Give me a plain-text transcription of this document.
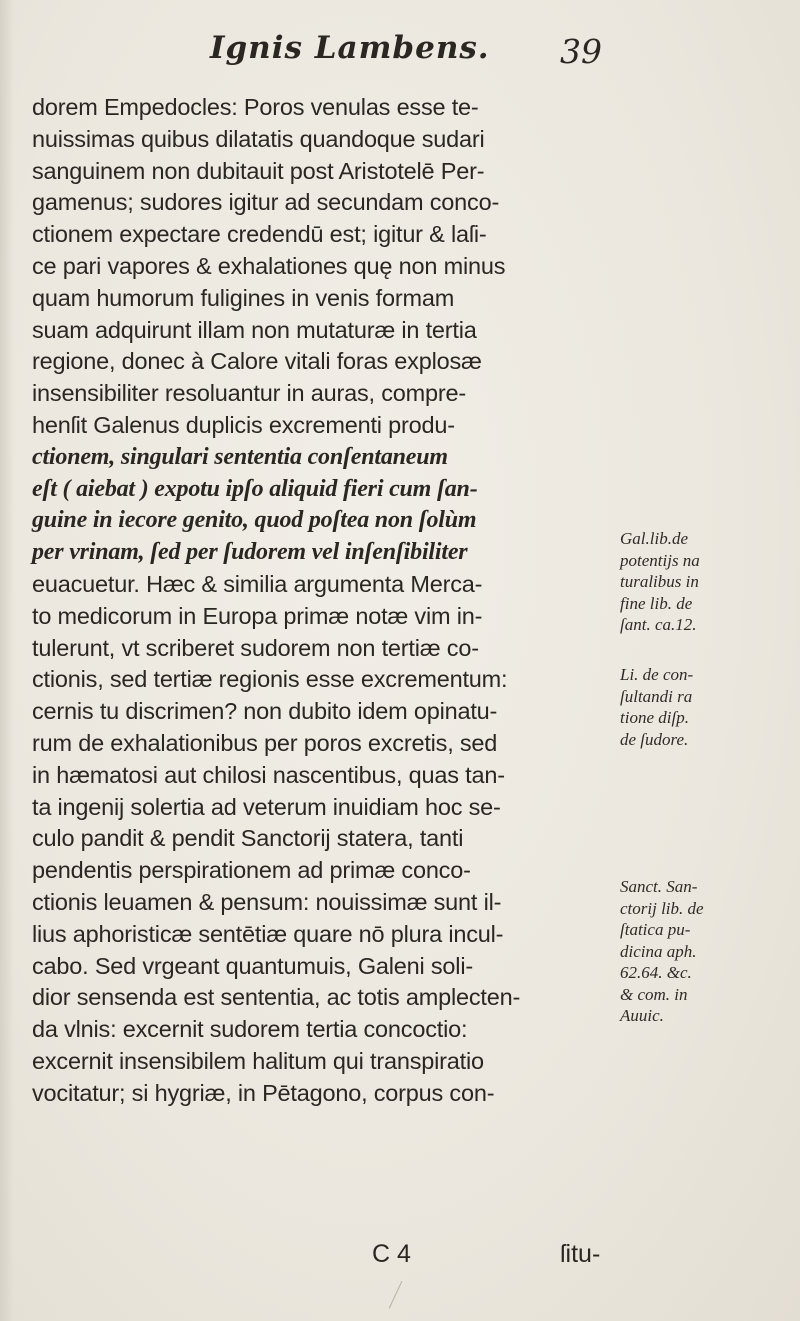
Ignis Lambens. 39
dorem Empedocles: Poros venulas esse te-
nuissimas quibus dilatatis quandoque sudari
sanguinem non dubitauit post Aristotelē Per-
gamenus; sudores igitur ad secundam conco-
ctionem expectare credendū est; igitur & laſi-
ce pari vapores & exhalationes quę non minus
quam humorum fuligines in venis formam
suam adquirunt illam non mutaturæ in tertia
regione, donec à Calore vitali foras explosæ
insensibiliter resoluantur in auras, compre-
henſit Galenus duplicis excrementi produ-
ctionem, singulari sententia conſentaneum
eſt ( aiebat ) expotu ipſo aliquid fieri cum ſan-
guine in iecore genito, quod poſtea non ſolùm
per vrinam, ſed per ſudorem vel inſenſibiliter
euacuetur. Hæc & similia argumenta Merca-
to medicorum in Europa primæ notæ vim in-
tulerunt, vt scriberet sudorem non tertiæ co-
ctionis, sed tertiæ regionis esse excrementum:
cernis tu discrimen? non dubito idem opinatu-
rum de exhalationibus per poros excretis, sed
in hæmatosi aut chilosi nascentibus, quas tan-
ta ingenij solertia ad veterum inuidiam hoc se-
culo pandit & pendit Sanctorij statera, tanti
pendentis perspirationem ad primæ conco-
ctionis leuamen & pensum: nouissimæ sunt il-
lius aphoristicæ sentētiæ quare nō plura incul-
cabo. Sed vrgeant quantumuis, Galeni soli-
dior sensenda est sententia, ac totis amplecten-
da vlnis: excernit sudorem tertia concoctio:
excernit insensibilem halitum qui transpiratio
vocitatur; si hygriæ, in Pētagono, corpus con-
Gal.lib.de
potentijs na
turalibus in
fine lib. de
ſant. ca.12.
Li. de con-
ſultandi ra
tione diſp.
de ſudore.
Sanct. San-
ctorij lib. de
ſtatica pu-
dicina aph.
62.64. &c.
& com. in
Auuic.
C 4	ſitu-
